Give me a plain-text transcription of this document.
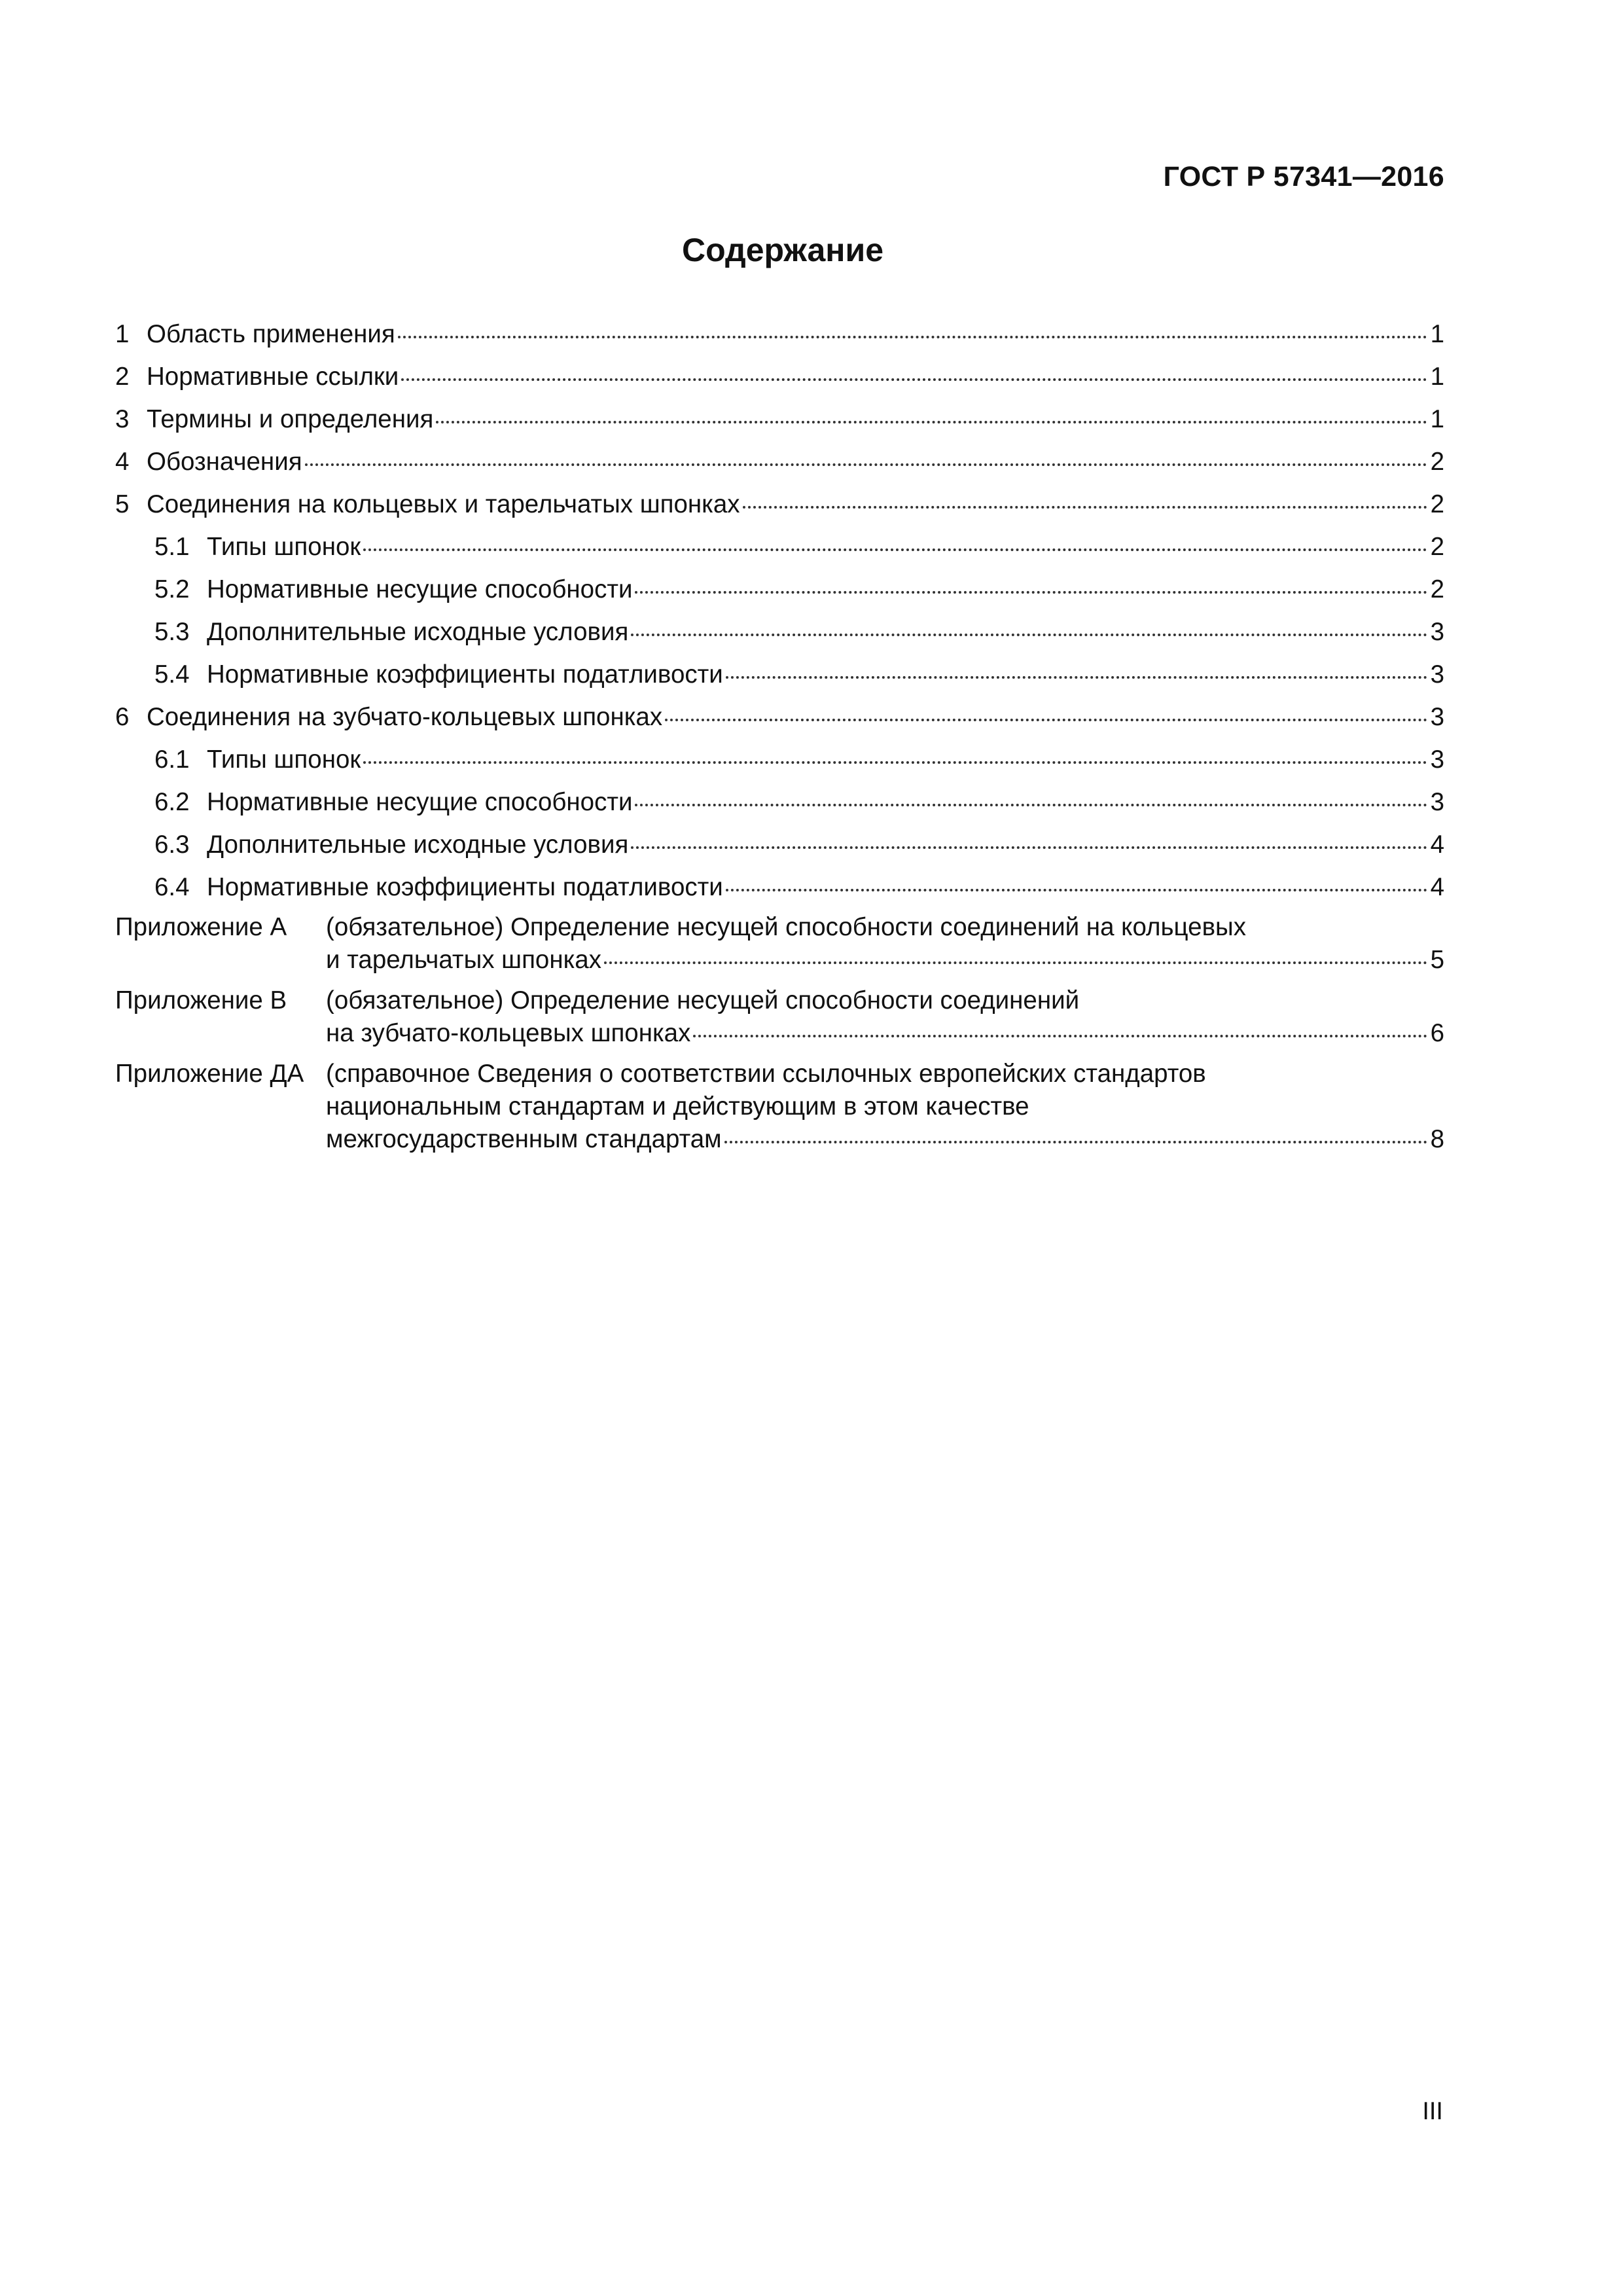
ГОСТ Р 57341—2016

Содержание
1 Область применения	1
2 Нормативные ссылки	1
3 Термины и определения	1
4 Обозначения	2
5 Соединения на кольцевых и тарельчатых шпонках	2
5.1 Типы шпонок	2
5.2 Нормативные несущие способности	2
5.3 Дополнительные исходные условия	3
5.4 Нормативные коэффициенты податливости	3
6 Соединения на зубчато-кольцевых шпонках	3
6.1 Типы шпонок	3
6.2 Нормативные несущие способности	3
6.3 Дополнительные исходные условия	4
6.4 Нормативные коэффициенты податливости	4
Приложение А	(обязательное) Определение несущей способности соединений на кольцевых
и тарельчатых шпонках	5
Приложение В	(обязательное) Определение несущей способности соединений
на зубчато-кольцевых шпонках	6
Приложение ДА (справочное Сведения о соответствии ссылочных европейских стандартов
национальным стандартам и действующим в этом качестве
межгосударственным стандартам	8

III
